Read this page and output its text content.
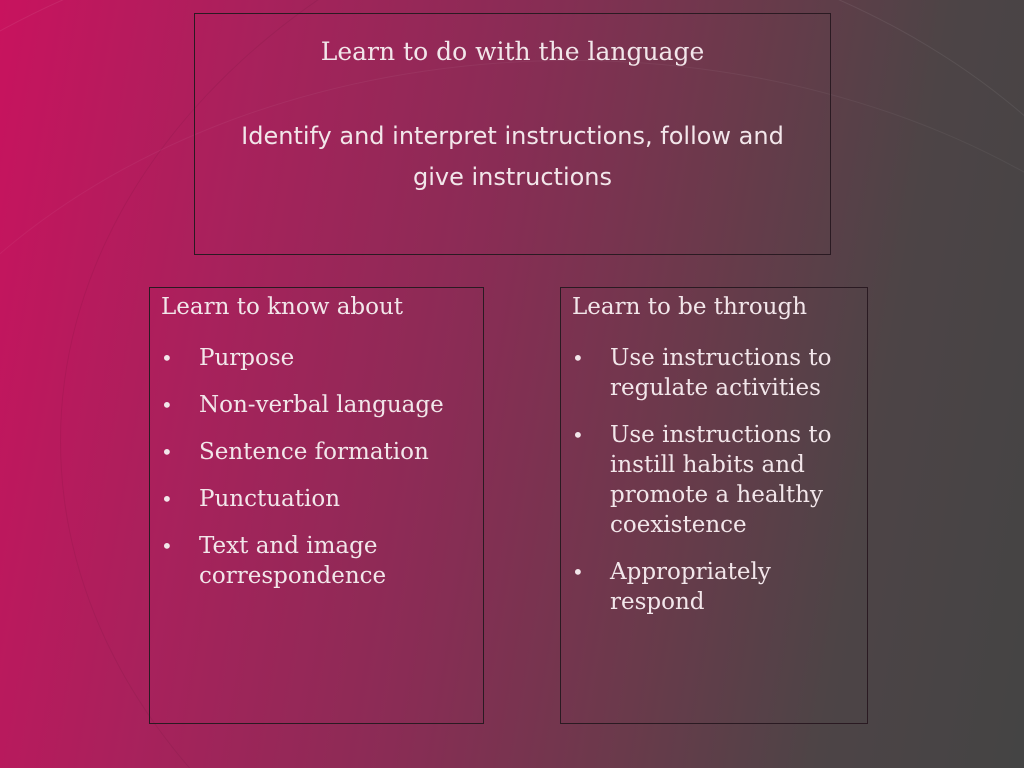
Learn to do with the language
Identify and interpret instructions, follow and give instructions
Learn to know about
• Purpose
• Non-verbal language
• Sentence formation
• Punctuation
• Text and image correspondence
Learn to be through
• Use instructions to regulate activities
• Use instructions to instill habits and promote a healthy coexistence
• Appropriately respond
